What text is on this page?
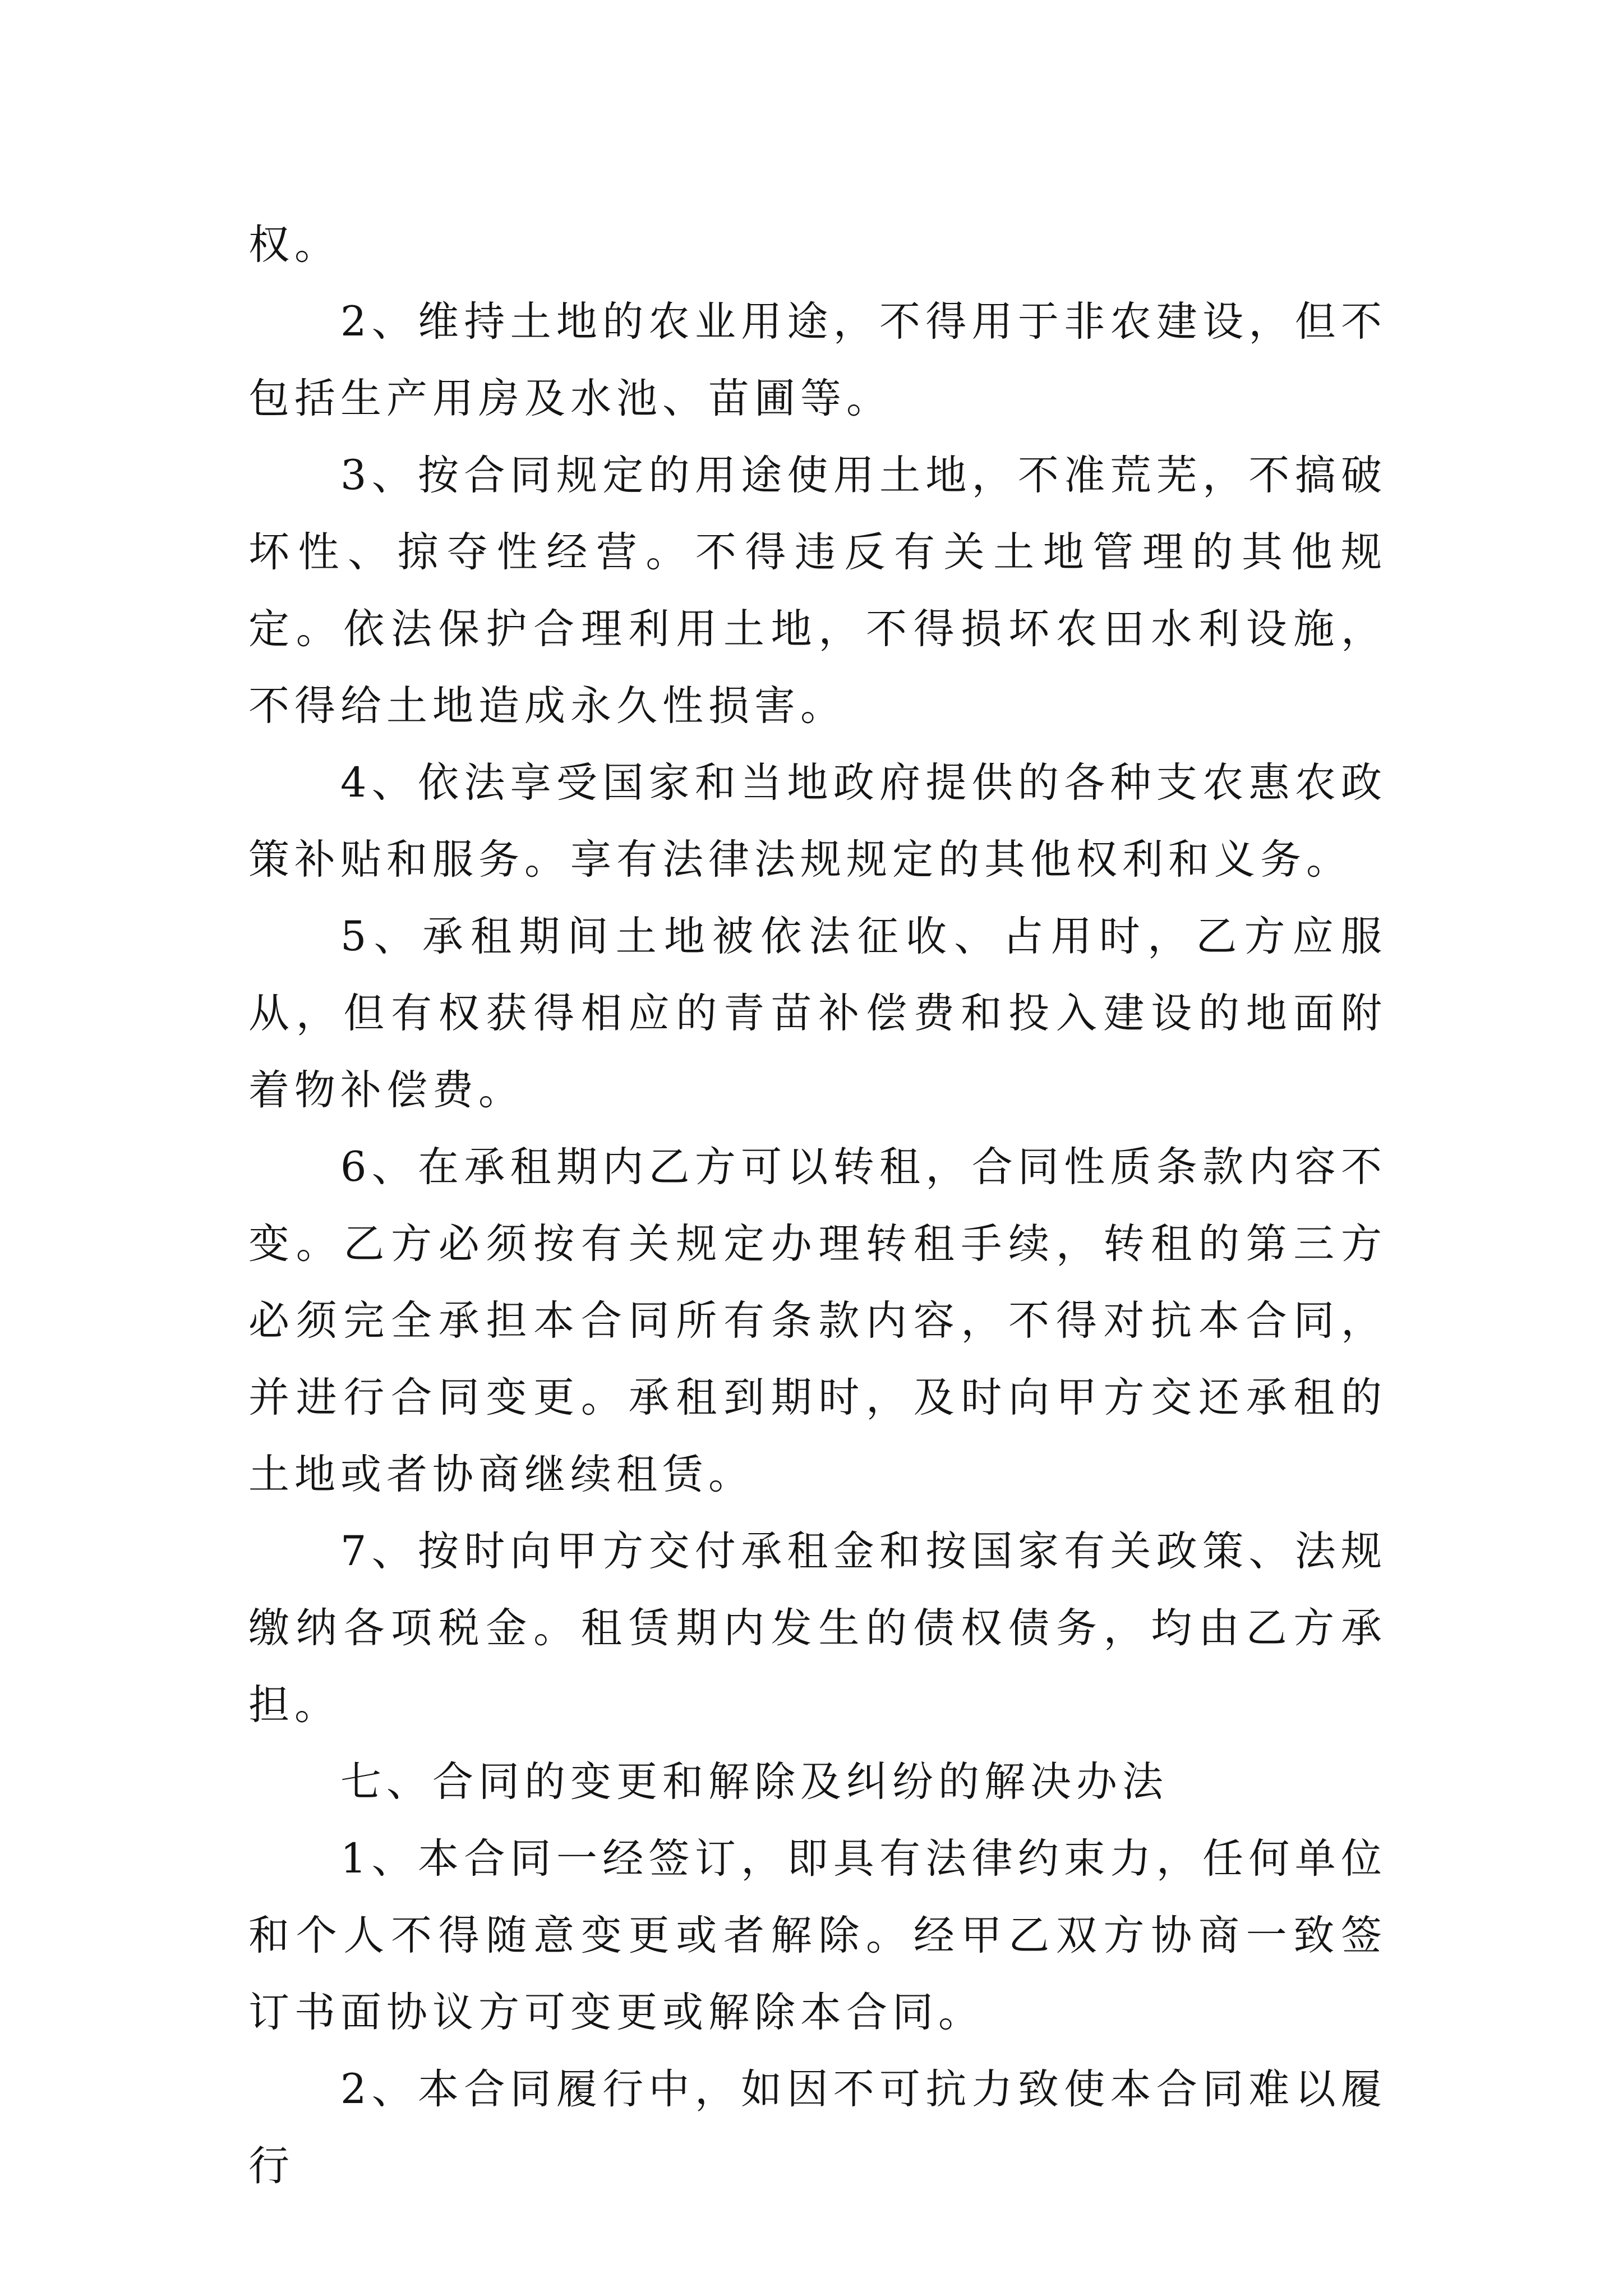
权。

2、维持土地的农业用途，不得用于非农建设，但不包括生产用房及水池、苗圃等。

3、按合同规定的用途使用土地，不准荒芜，不搞破坏性、掠夺性经营。不得违反有关土地管理的其他规定。依法保护合理利用土地，不得损坏农田水利设施，不得给土地造成永久性损害。

4、依法享受国家和当地政府提供的各种支农惠农政策补贴和服务。享有法律法规规定的其他权利和义务。

5、承租期间土地被依法征收、占用时，乙方应服从，但有权获得相应的青苗补偿费和投入建设的地面附着物补偿费。

6、在承租期内乙方可以转租，合同性质条款内容不变。乙方必须按有关规定办理转租手续，转租的第三方必须完全承担本合同所有条款内容，不得对抗本合同，并进行合同变更。承租到期时，及时向甲方交还承租的土地或者协商继续租赁。

7、按时向甲方交付承租金和按国家有关政策、法规缴纳各项税金。租赁期内发生的债权债务，均由乙方承担。

七、合同的变更和解除及纠纷的解决办法

1、本合同一经签订，即具有法律约束力，任何单位和个人不得随意变更或者解除。经甲乙双方协商一致签订书面协议方可变更或解除本合同。

2、本合同履行中，如因不可抗力致使本合同难以履行
